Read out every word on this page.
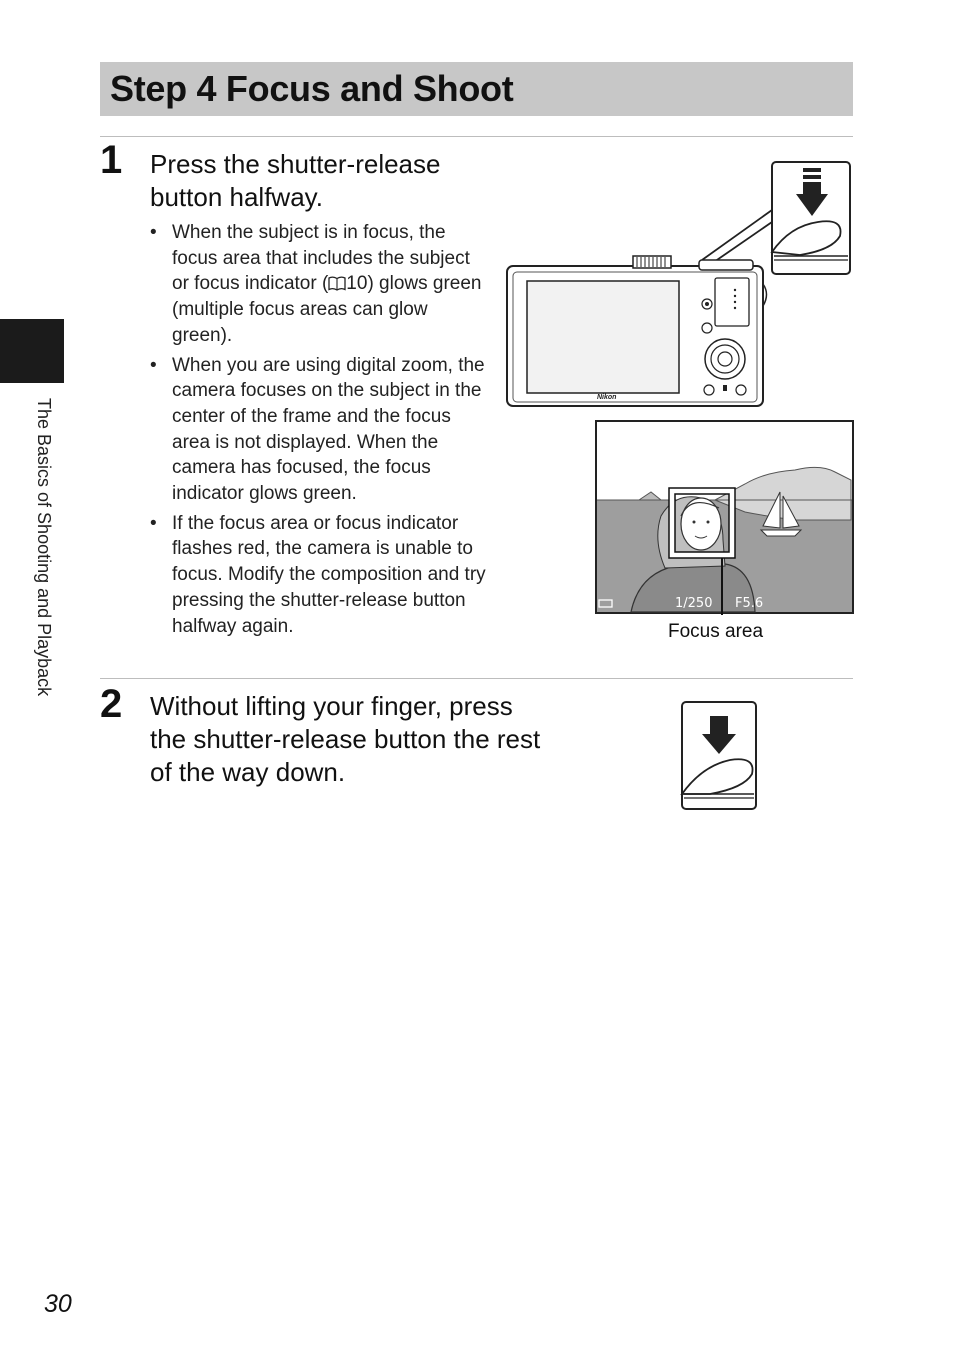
Step 4 Focus and Shoot
The Basics of Shooting and Playback
1 Press the shutter-release
button halfway.
• When the subject is in focus, the focus area that includes the subject or focus indicator ( 10) glows green (multiple focus areas can glow green).
• When you are using digital zoom, the camera focuses on the subject in the center of the frame and the focus area is not displayed. When the camera has focused, the focus indicator glows green.
• If the focus area or focus indicator flashes red, the camera is unable to focus. Modify the composition and try pressing the shutter-release button halfway again.
Nikon
1/250 F5.6
Focus area
2 Without lifting your finger, press
the shutter-release button the rest
of the way down.
30
